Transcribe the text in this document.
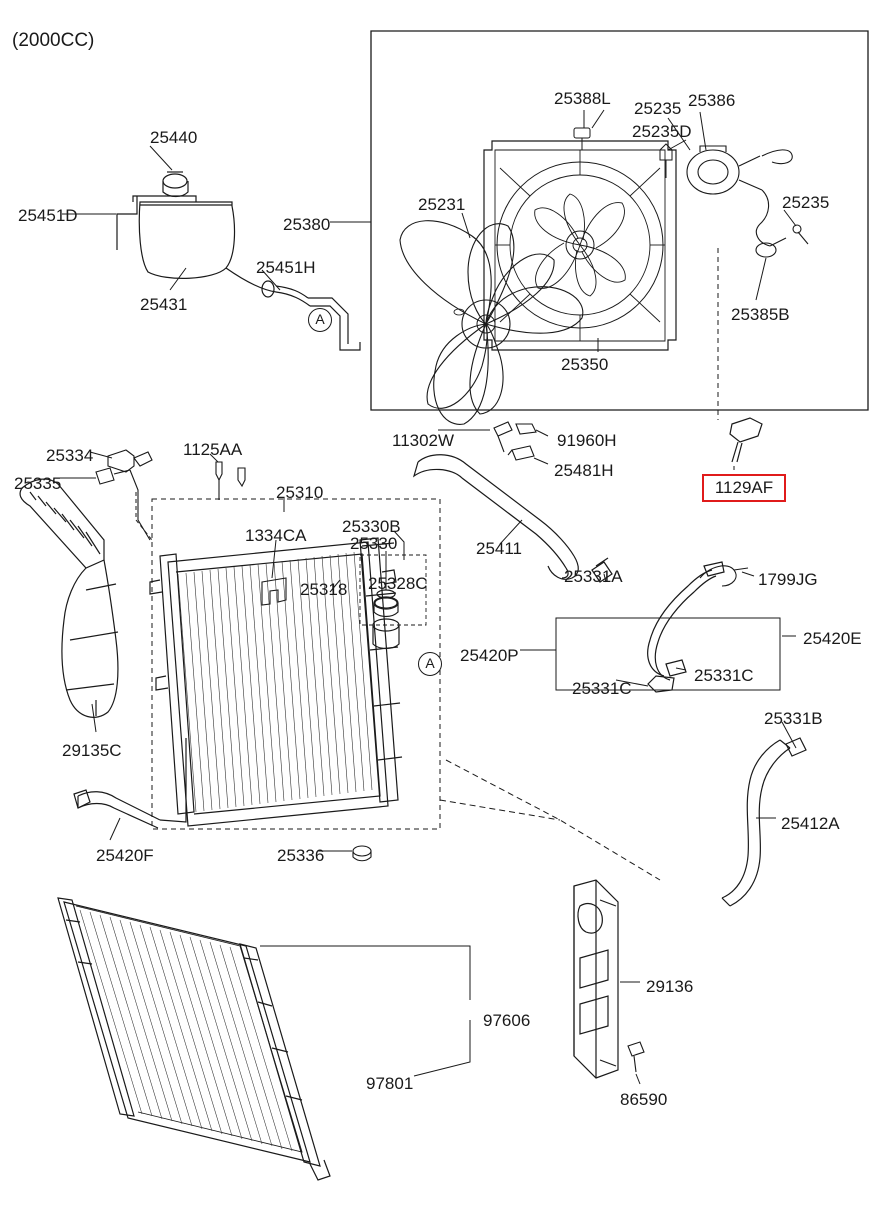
(2000CC)
25440
25451D
25451H
25431
25380
25231
25388L
25235 25386
25235D
25235
25385B
25350
25334
25335
1125AA
25310
1334CA
11302W	91960H
25481H
25330B
25330
25318 25328C
25411
25331A	1799JG
25420E
25420P
25331C
25331C
29135C
25331B
25412A
25420F	25336
29136
97606
97801
86590
1129AF
A
A
